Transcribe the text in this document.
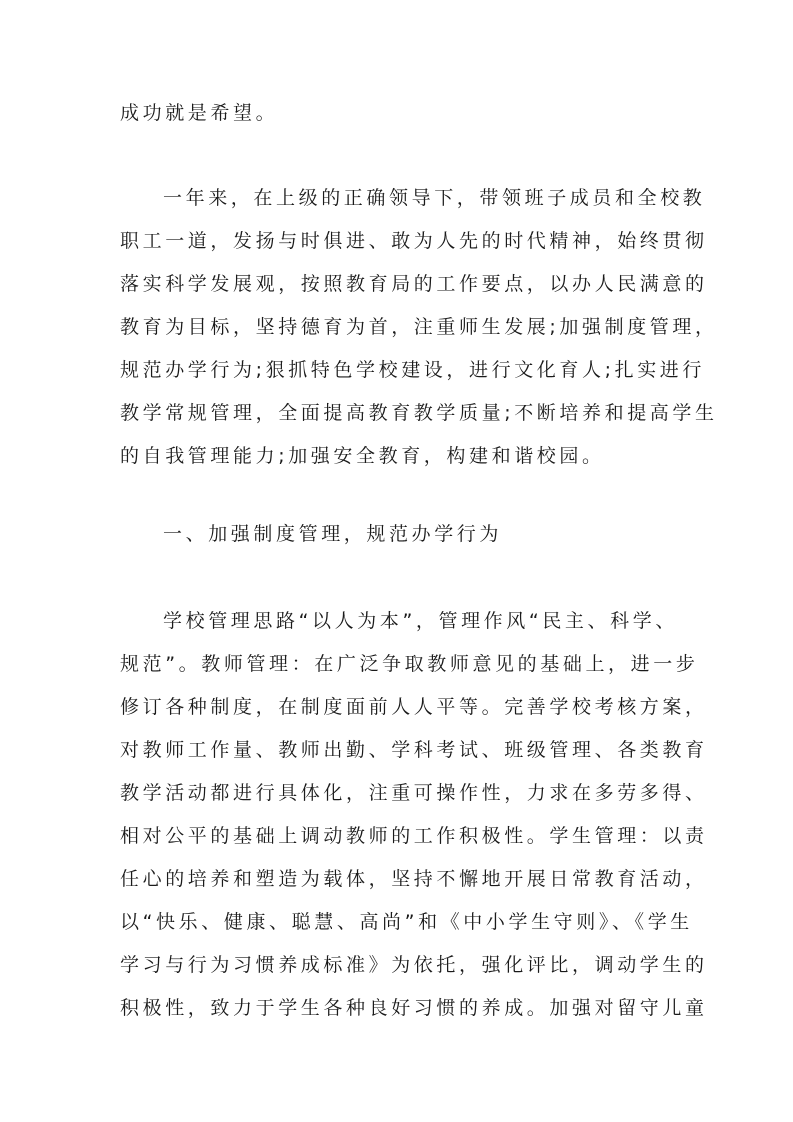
成功就是希望。
一年来，在上级的正确领导下，带领班子成员和全校教
职工一道，发扬与时俱进、敢为人先的时代精神，始终贯彻
落实科学发展观，按照教育局的工作要点，以办人民满意的
教育为目标，坚持德育为首，注重师生发展;加强制度管理，
规范办学行为;狠抓特色学校建设，进行文化育人;扎实进行
教学常规管理，全面提高教育教学质量;不断培养和提高学生
的自我管理能力;加强安全教育，构建和谐校园。
一、加强制度管理，规范办学行为
学校管理思路“以人为本”，管理作风“民主、科学、
规范”。教师管理：在广泛争取教师意见的基础上，进一步
修订各种制度，在制度面前人人平等。完善学校考核方案，
对教师工作量、教师出勤、学科考试、班级管理、各类教育
教学活动都进行具体化，注重可操作性，力求在多劳多得、
相对公平的基础上调动教师的工作积极性。学生管理：以责
任心的培养和塑造为载体，坚持不懈地开展日常教育活动，
以“快乐、健康、聪慧、高尚”和《中小学生守则》、《学生
学习与行为习惯养成标准》为依托，强化评比，调动学生的
积极性，致力于学生各种良好习惯的养成。加强对留守儿童
